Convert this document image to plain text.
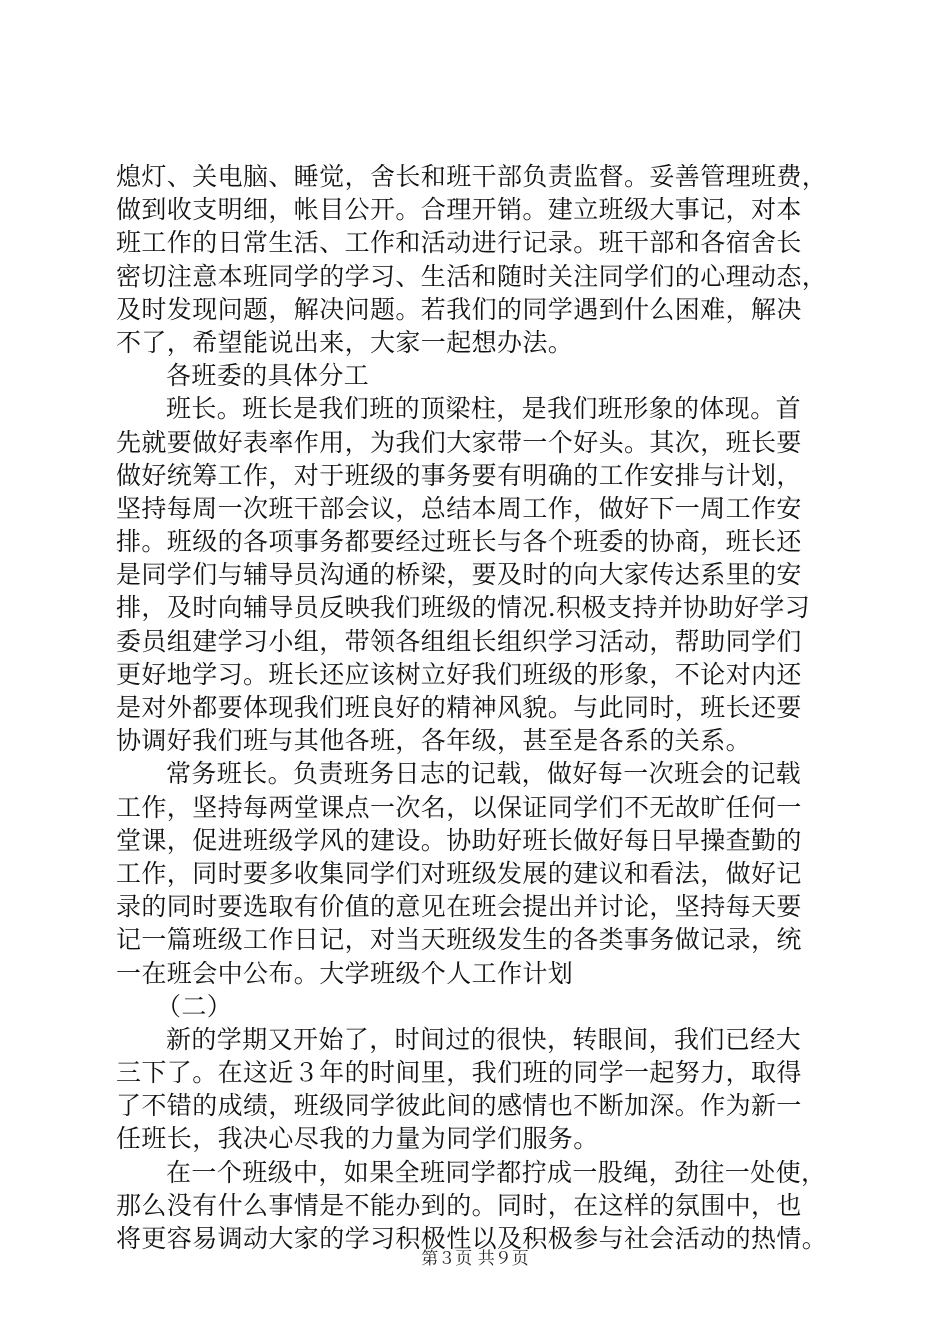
熄灯、关电脑、睡觉，舍长和班干部负责监督。妥善管理班费，
做到收支明细，帐目公开。合理开销。建立班级大事记，对本
班工作的日常生活、工作和活动进行记录。班干部和各宿舍长
密切注意本班同学的学习、生活和随时关注同学们的心理动态，
及时发现问题，解决问题。若我们的同学遇到什么困难，解决
不了，希望能说出来，大家一起想办法。
各班委的具体分工
班长。班长是我们班的顶梁柱，是我们班形象的体现。首
先就要做好表率作用，为我们大家带一个好头。其次，班长要
做好统筹工作，对于班级的事务要有明确的工作安排与计划，
坚持每周一次班干部会议，总结本周工作，做好下一周工作安
排。班级的各项事务都要经过班长与各个班委的协商，班长还
是同学们与辅导员沟通的桥梁，要及时的向大家传达系里的安
排，及时向辅导员反映我们班级的情况.积极支持并协助好学习
委员组建学习小组，带领各组组长组织学习活动，帮助同学们
更好地学习。班长还应该树立好我们班级的形象，不论对内还
是对外都要体现我们班良好的精神风貌。与此同时，班长还要
协调好我们班与其他各班，各年级，甚至是各系的关系。
常务班长。负责班务日志的记载，做好每一次班会的记载
工作，坚持每两堂课点一次名，以保证同学们不无故旷任何一
堂课，促进班级学风的建设。协助好班长做好每日早操查勤的
工作，同时要多收集同学们对班级发展的建议和看法，做好记
录的同时要选取有价值的意见在班会提出并讨论，坚持每天要
记一篇班级工作日记，对当天班级发生的各类事务做记录，统
一在班会中公布。大学班级个人工作计划
（二）
新的学期又开始了，时间过的很快，转眼间，我们已经大
三下了。在这近３年的时间里，我们班的同学一起努力，取得
了不错的成绩，班级同学彼此间的感情也不断加深。作为新一
任班长，我决心尽我的力量为同学们服务。
在一个班级中，如果全班同学都拧成一股绳，劲往一处使，
那么没有什么事情是不能办到的。同时，在这样的氛围中，也
将更容易调动大家的学习积极性以及积极参与社会活动的热情。
第３页 共９页
